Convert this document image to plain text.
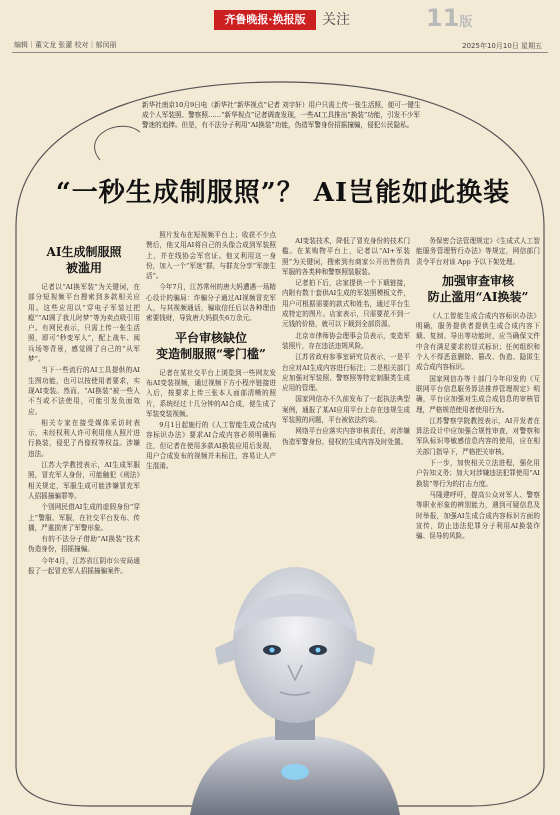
齐鲁晚报·换报版	关注	11版
编辑｜董文龙 张灌 校对｜郁闵丽	2025年10月10日 星期五
新华社南京10月9日电（新华社“新华视点”记者 刘宇轩）用户只需上传一张生活照，便可一键生成个人军装照、警察照……“新华视点”记者调查发现，一些AI工具推出“换装”功能，引发不少军警迷的追捧。但是，有不法分子利用“AI换装”功能，伪造军警身份招摇撞骗，侵犯公民隐私。
“一秒生成制服照”？ AI岂能如此换装
AI生成制服照
被滥用

记者以“AI换军装”为关键词，在部分短视频平台搜索到多款相关应用。这些应用以“穿电子军装过把瘾”“AI圆了我儿时梦”等为卖点吸引用户。有网民表示，只需上传一张生活照，即可“秒变军人”，配上战车、阅兵场等背景，感觉圆了自己的“从军梦”。

当下一些流行的AI工具提供的AI生图功能，也可以按使用者要求，实现AI变装。然而，“AI换装”被一些人不当或不法使用，可能引发负面效应。

相关专家在接受媒体采访时表示，未经权利人许可利用他人照片进行换装，侵犯了肖像权等权益。涉嫌违法。

江苏大学教授表示，AI生成军服照，冒充军人身份，可能触犯《刑法》相关规定，军服生成可能涉嫌冒充军人招摇撞骗罪等。

个别网民借AI生成的虚假身份“穿上”警服、军服，在社交平台发布、传播，严重损害了军警形象。

有的不法分子借助“AI换装”技术伪造身份，招摇撞骗。

今年4月，江苏省江阴市公安局通报了一起冒充军人招摇撞骗案件。

照片发布在短视频平台上；收获不少点赞后，他又用AI将自己的头像合成到军装照上，并在线协会军官证。他又利用这一身份，加入一个“军迷”群，与群友分享“军旅生活”。

今年7月，江苏常州的唐大妈遭遇一场精心设计的骗局：诈骗分子通过AI视频冒充军人，与其视频通话，骗取信任后以各种理由索要钱财，导致唐大妈损失6万余元。

平台审核缺位
变造制服照“零门槛”

记者在某社交平台上浏览到一些网友发布AI变装视频，通过视频下方小程序链接进入后，按要求上传三张本人面部清晰的照片，系统经过十几分钟的AI合成，便生成了军装变装视频。

9月1日起施行的《人工智能生成合成内容标识办法》要求AI合成内容必须明确标注，但记者在使用多款AI换装应用后发现，用户合成发布的视频并未标注，容易让人产生混淆。

AI变装技术，降低了冒充身份的技术门槛。在某购物平台上，记者以“AI+军装照”为关键词，搜索到有商家公开出售仿真军服的各类种和警察照装服装。

记者拍下后，店家提供一个下载链接，内附有数十套供AI生成的军装照模板文件，用户可根据需要的款式和姓名，通过平台生成特定的图片。店家表示，只需要花不到一元钱的价格，就可以下载到全部资源。

北京市律师协会理事会员表示，变造军装照片，存在违法违规风险。

江苏省政府参事室研究员表示，一是平台应对AI生成内容进行标注；二是相关部门应加强对军装照、警察照等特定制服类生成应用的管理。

国家网信办不久前发布了一起执法典型案例，通报了某AI应用平台上存在违规生成军装照的问题，平台被依法约谈。

网络平台应落实内容审核责任，对涉嫌伪造军警身份、侵权的生成内容及时处置。

务保密合法管理规定》《生成式人工智能服务管理暂行办法》等规定，网信部门责令平台对该 App 予以下架处理。

加强审查审核
防止滥用“AI换装”

《人工智能生成合成内容标识办法》明确，服务提供者提供生成合成内容下载、复制、导出等功能时，应当确保文件中含有满足要求的显式标识；任何组织和个人不得恶意删除、篡改、伪造、隐匿生成合成内容标识。

国家网信办等十部门今年印发的《互联网平台信息服务算法推荐管理规定》明确，平台应加强对生成合成信息的审核管理，严格规范使用者使用行为。

江苏警察学院教授表示，AI开发者在算法设计中应加强合规性审查，对警察和军队标识等敏感信息内容的使用，应在相关部门指导下，严格把关审核。

下一步，加快相关立法进程，强化用户告知义务；加大对涉嫌违法犯罪使用“AI换装”等行为的打击力度。

马隆建呼吁，提高公众对军人、警察等职业形象的辨别能力，遇到可疑信息及时举报，加强AI生成合成内容标识方面的宣传，防止违法犯罪分子利用AI换装诈骗、误导的风险。
